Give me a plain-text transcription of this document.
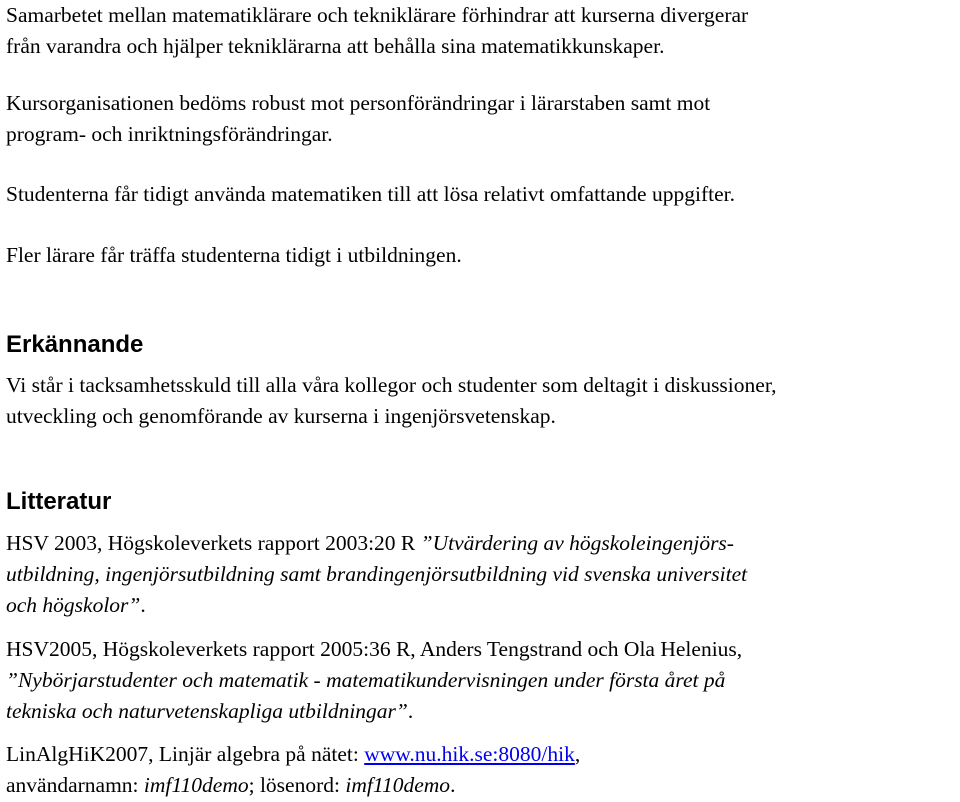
Samarbetet mellan matematiklärare och tekniklärare förhindrar att kurserna divergerar
från varandra och hjälper tekniklärarna att behålla sina matematikkunskaper.

Kursorganisationen bedöms robust mot personförändringar i lärarstaben samt mot
program- och inriktningsförändringar.

Studenterna får tidigt använda matematiken till att lösa relativt omfattande uppgifter.

Fler lärare får träffa studenterna tidigt i utbildningen.

Erkännande

Vi står i tacksamhetsskuld till alla våra kollegor och studenter som deltagit i diskussioner,
utveckling och genomförande av kurserna i ingenjörsvetenskap.

Litteratur

HSV 2003, Högskoleverkets rapport 2003:20 R ”Utvärdering av högskoleingenjörs-
utbildning, ingenjörsutbildning samt brandingenjörsutbildning vid svenska universitet
och högskolor”.

HSV2005, Högskoleverkets rapport 2005:36 R, Anders Tengstrand och Ola Helenius,
”Nybörjarstudenter och matematik - matematikundervisningen under första året på
tekniska och naturvetenskapliga utbildningar”.

LinAlgHiK2007, Linjär algebra på nätet: www.nu.hik.se:8080/hik,
användarnamn: imf110demo; lösenord: imf110demo.
